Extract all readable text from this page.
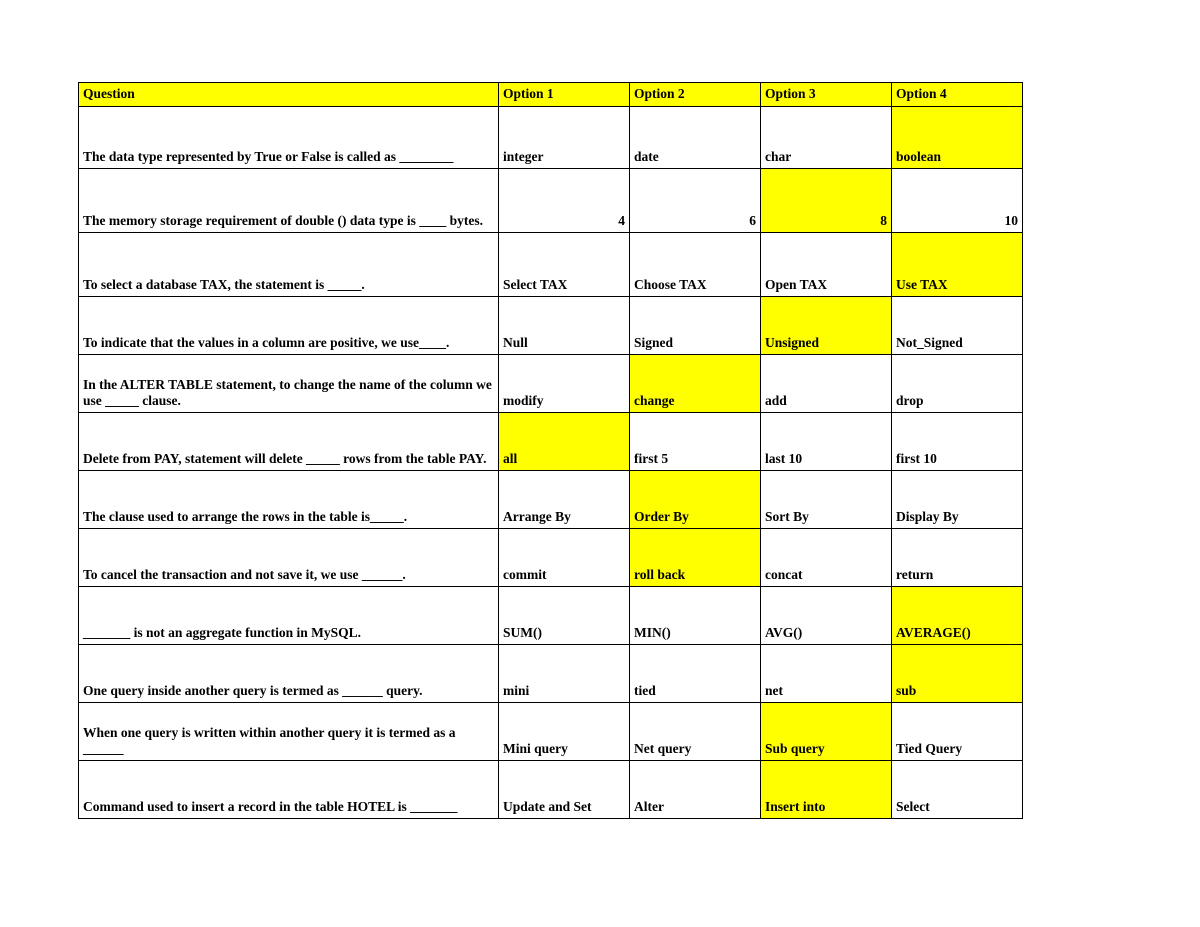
Question	Option 1	Option 2	Option 3	Option 4
The data type represented by True or False is called as ________	integer	date	char	boolean
The memory storage requirement of double () data type is ____ bytes.	4	6	8	10
To select a database TAX, the statement is _____.	Select TAX	Choose TAX	Open TAX	Use TAX
To indicate that the values in a column are positive, we use____.	Null	Signed	Unsigned	Not_Signed
In the ALTER TABLE statement, to change the name of the column we use _____ clause.	modify	change	add	drop
Delete from PAY, statement will delete _____ rows from the table PAY.	all	first 5	last 10	first 10
The clause used to arrange the rows in the table is_____.	Arrange By	Order By	Sort By	Display By
To cancel the transaction and not save it, we use ______.	commit	roll back	concat	return
_______ is not an aggregate function in MySQL.	SUM()	MIN()	AVG()	AVERAGE()
One query inside another query is termed as ______ query.	mini	tied	net	sub
When one query is written within another query it is termed as a ______	Mini query	Net query	Sub query	Tied Query
Command used to insert a record in the table HOTEL is _______	Update and Set	Alter	Insert into	Select
